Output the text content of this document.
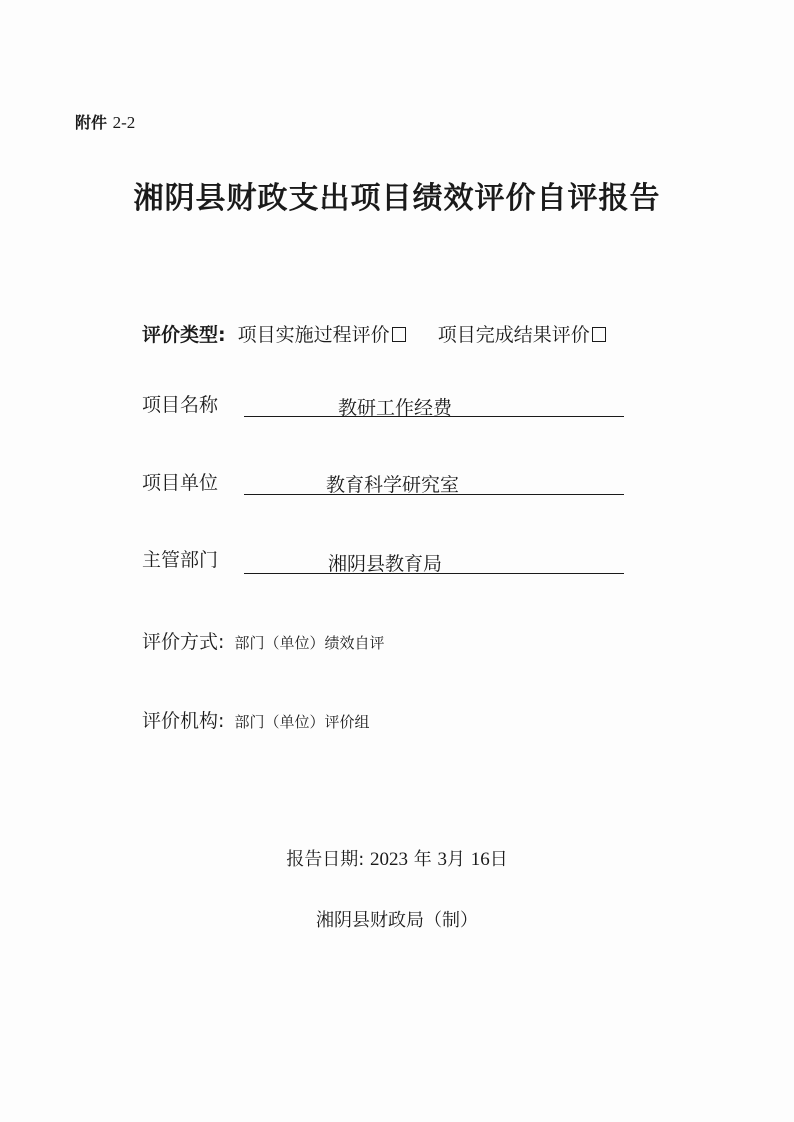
附件 2-2
湘阴县财政支出项目绩效评价自评报告
评价类型: 项目实施过程评价	项目完成结果评价
项目名称	教研工作经费
项目单位	教育科学研究室
主管部门	湘阴县教育局
评价方式: 部门（单位）绩效自评
评价机构: 部门（单位）评价组
报告日期: 2023 年 3月 16日
湘阴县财政局（制）
